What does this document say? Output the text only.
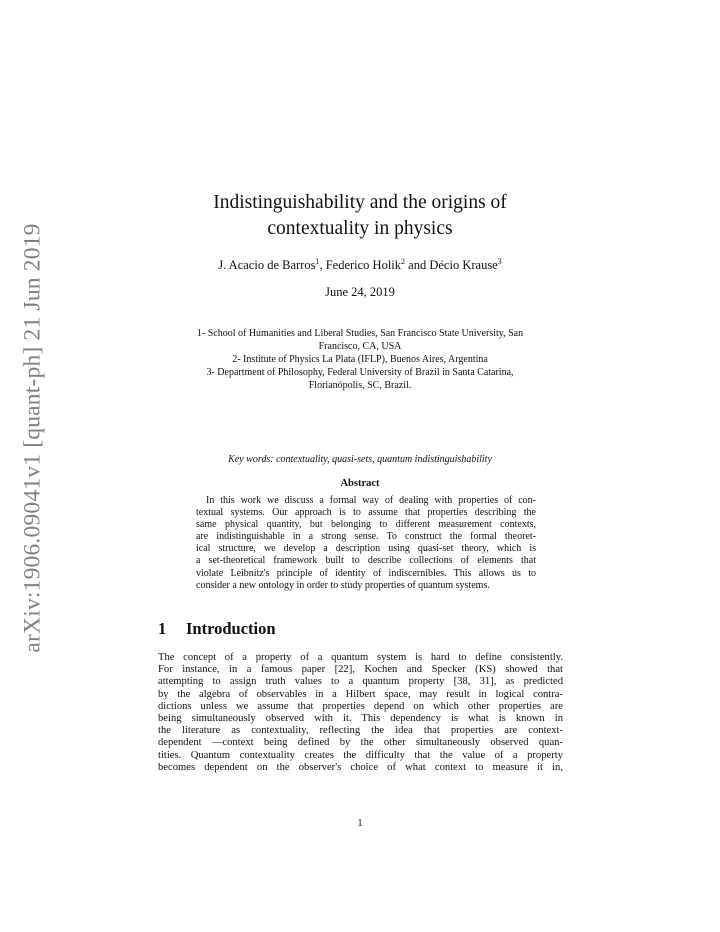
arXiv:1906.09041v1 [quant-ph] 21 Jun 2019
Indistinguishability and the origins of
contextuality in physics
J. Acacio de Barros$^1$, Federico Holik$^2$ and Décio Krause$^3$
June 24, 2019
1- School of Humanities and Liberal Studies, San Francisco State University, San
Francisco, CA, USA
2- Institute of Physics La Plata (IFLP), Buenos Aires, Argentina
3- Department of Philosophy, Federal University of Brazil in Santa Catarina,
Florianópolis, SC, Brazil.
Key words: contextuality, quasi-sets, quantum indistinguishability
Abstract
In this work we discuss a formal way of dealing with properties of con-
textual systems. Our approach is to assume that properties describing the
same physical quantity, but belonging to different measurement contexts,
are indistinguishable in a strong sense. To construct the formal theoret-
ical structure, we develop a description using quasi-set theory, which is
a set-theoretical framework built to describe collections of elements that
violate Leibnitz's principle of identity of indiscernibles. This allows us to
consider a new ontology in order to study properties of quantum systems.
1 Introduction
The concept of a property of a quantum system is hard to define consistently.
For instance, in a famous paper [22], Kochen and Specker (KS) showed that
attempting to assign truth values to a quantum property [38, 31], as predicted
by the algebra of observables in a Hilbert space, may result in logical contra-
dictions unless we assume that properties depend on which other properties are
being simultaneously observed with it. This dependency is what is known in
the literature as contextuality, reflecting the idea that properties are context-
dependent —context being defined by the other simultaneously observed quan-
tities. Quantum contextuality creates the difficulty that the value of a property
becomes dependent on the observer's choice of what context to measure it in,
1
